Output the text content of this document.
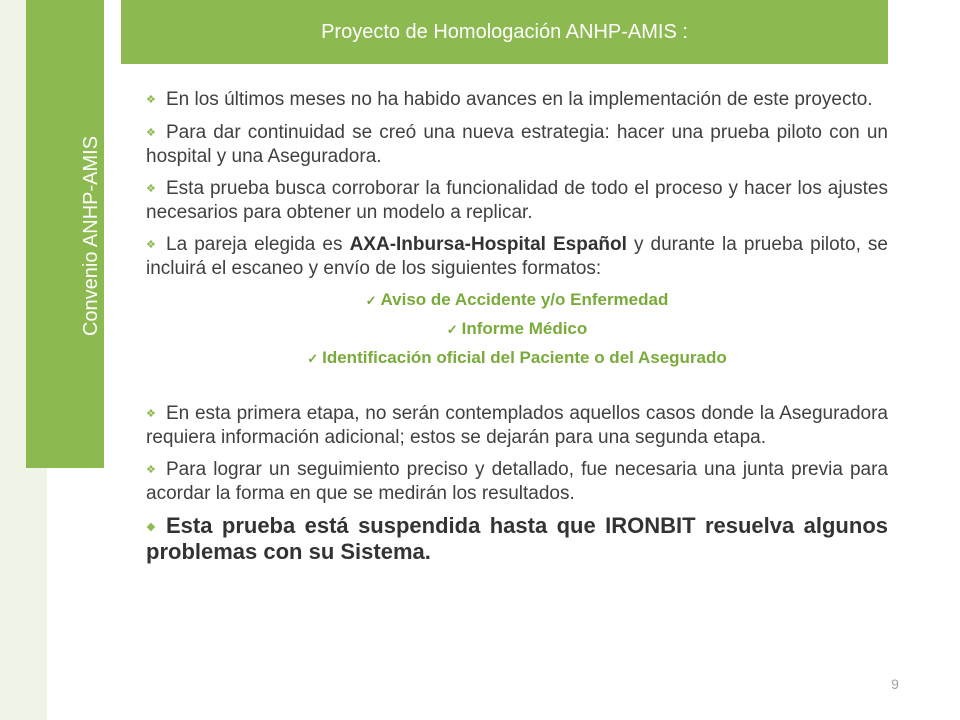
Convenio ANHP-AMIS
Proyecto de Homologación ANHP-AMIS :

❖ En los últimos meses no ha habido avances en la implementación de este proyecto.

❖ Para dar continuidad se creó una nueva estrategia: hacer una prueba piloto con un hospital y una Aseguradora.

❖ Esta prueba busca corroborar la funcionalidad de todo el proceso y hacer los ajustes necesarios para obtener un modelo a replicar.

❖ La pareja elegida es AXA-Inbursa-Hospital Español y durante la prueba piloto, se incluirá el escaneo y envío de los siguientes formatos:

✓ Aviso de Accidente y/o Enfermedad
✓ Informe Médico
✓ Identificación oficial del Paciente o del Asegurado

❖ En esta primera etapa, no serán contemplados aquellos casos donde la Aseguradora requiera información adicional; estos se dejarán para una segunda etapa.

❖ Para lograr un seguimiento preciso y detallado, fue necesaria una junta previa para acordar la forma en que se medirán los resultados.

❖ Esta prueba está suspendida hasta que IRONBIT resuelva algunos problemas con su Sistema.

9
